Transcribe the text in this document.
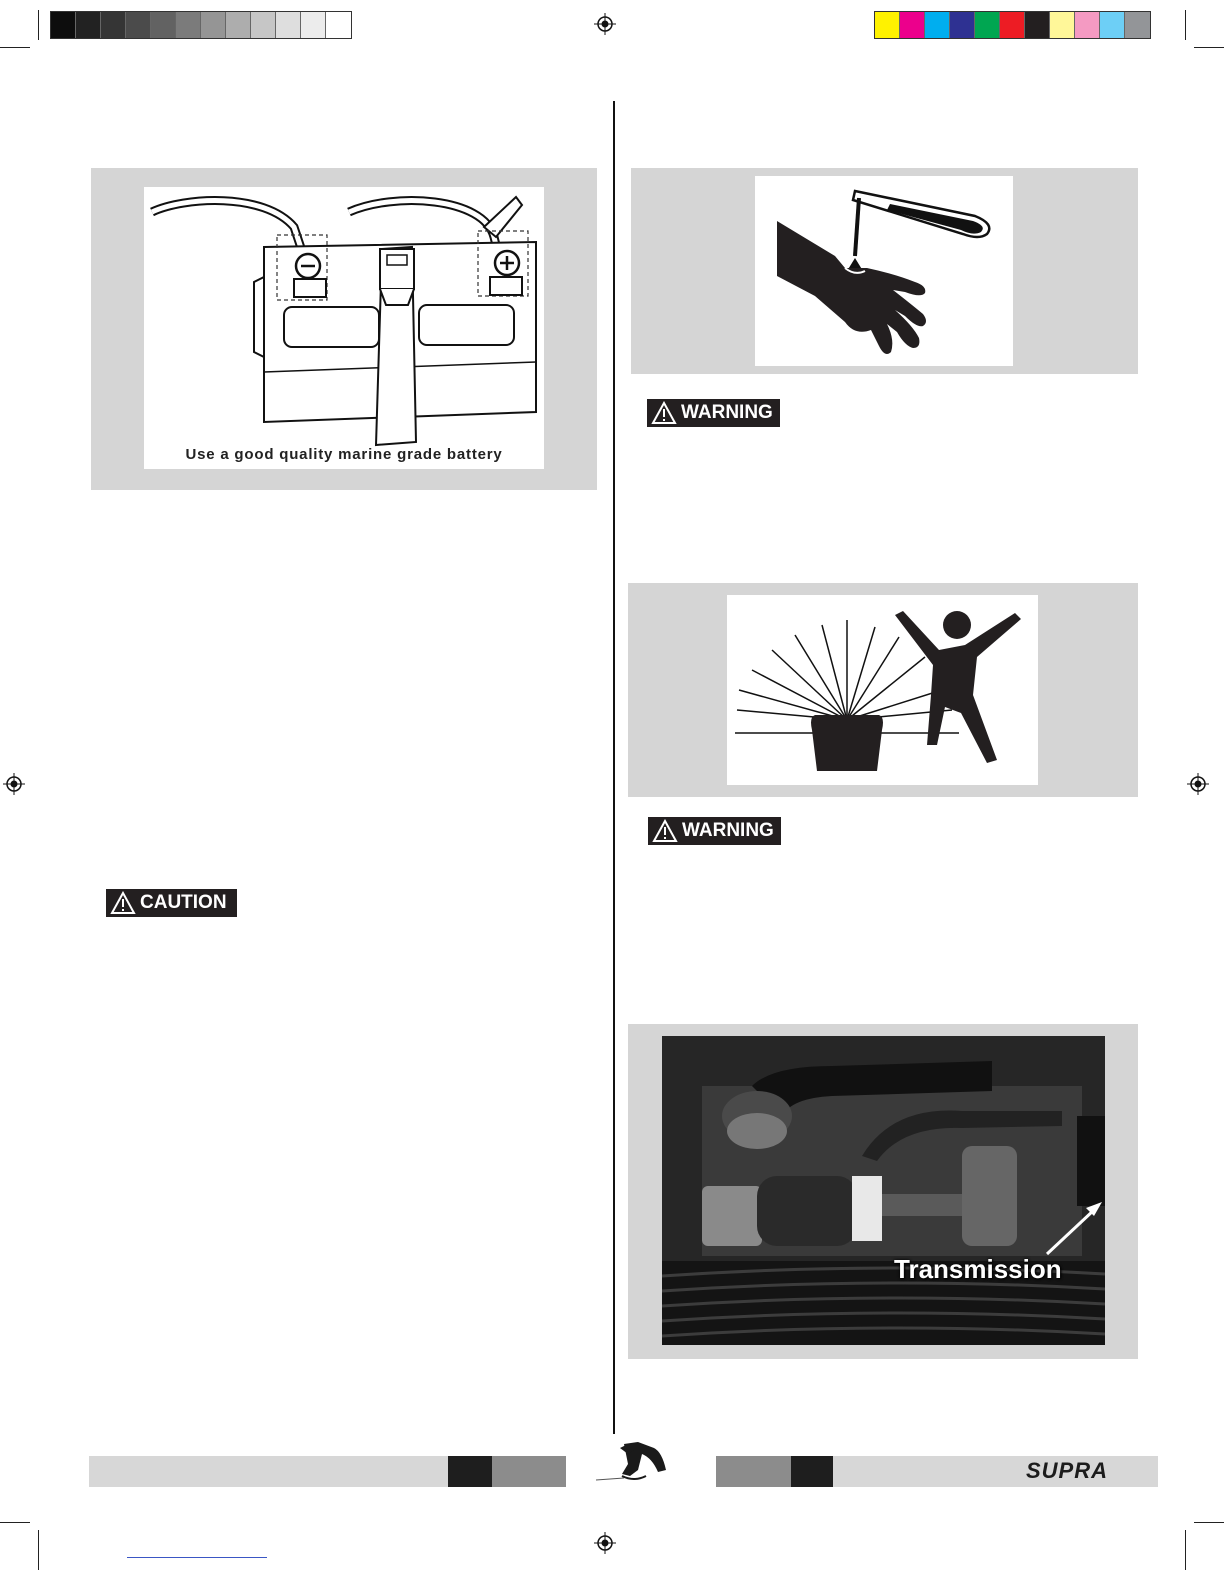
Use a good quality marine grade battery
CAUTION
WARNING
WARNING
Transmission
SUPRA
